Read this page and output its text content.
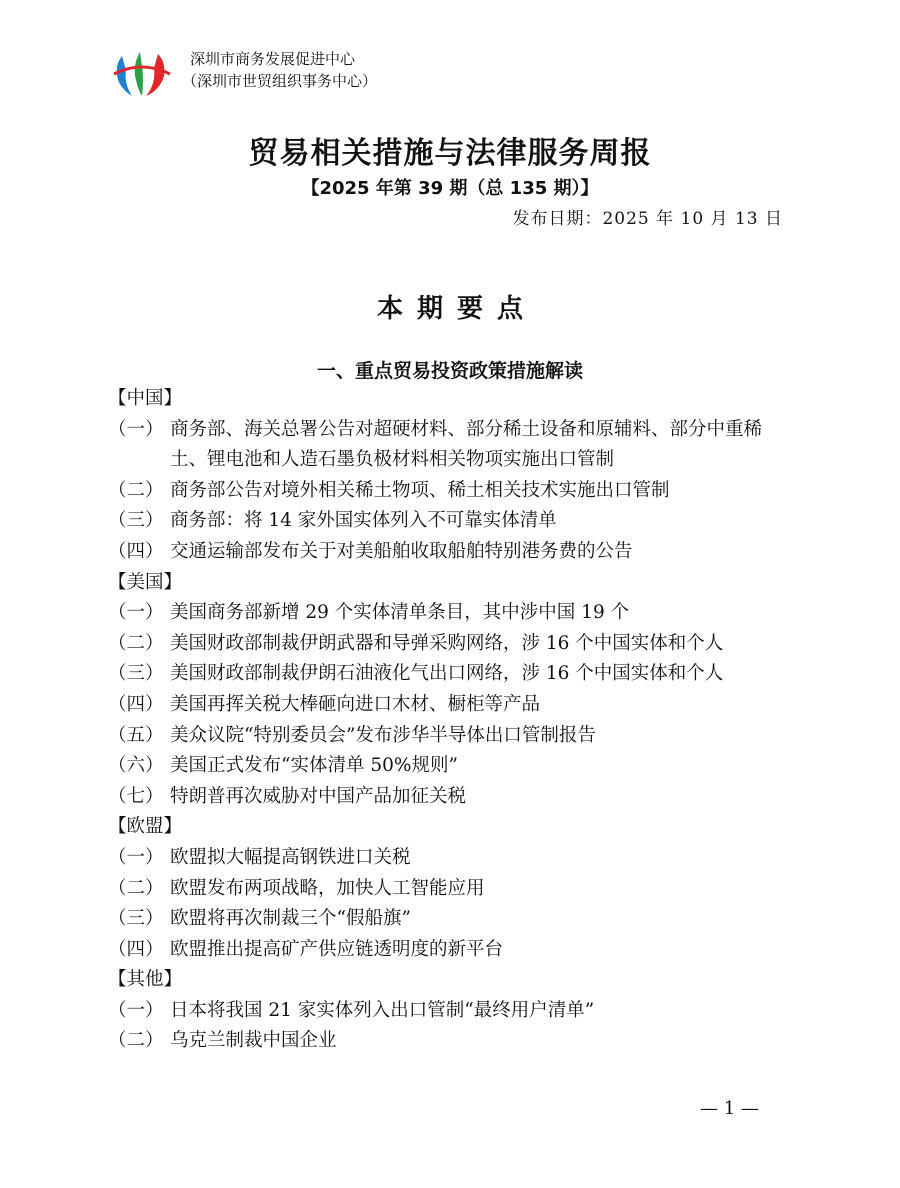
深圳市商务发展促进中心
（深圳市世贸组织事务中心）
贸易相关措施与法律服务周报
【2025 年第 39 期（总 135 期）】
发布日期：2025 年 10 月 13 日
本期要点
一、重点贸易投资政策措施解读
【中国】
（一） 商务部、海关总署公告对超硬材料、部分稀土设备和原辅料、部分中重稀土、锂电池和人造石墨负极材料相关物项实施出口管制
（二） 商务部公告对境外相关稀土物项、稀土相关技术实施出口管制
（三） 商务部：将 14 家外国实体列入不可靠实体清单
（四） 交通运输部发布关于对美船舶收取船舶特别港务费的公告
【美国】
（一） 美国商务部新增 29 个实体清单条目，其中涉中国 19 个
（二） 美国财政部制裁伊朗武器和导弹采购网络，涉 16 个中国实体和个人
（三） 美国财政部制裁伊朗石油液化气出口网络，涉 16 个中国实体和个人
（四） 美国再挥关税大棒砸向进口木材、橱柜等产品
（五） 美众议院“特别委员会”发布涉华半导体出口管制报告
（六） 美国正式发布“实体清单 50%规则”
（七） 特朗普再次威胁对中国产品加征关税
【欧盟】
（一） 欧盟拟大幅提高钢铁进口关税
（二） 欧盟发布两项战略，加快人工智能应用
（三） 欧盟将再次制裁三个“假船旗”
（四） 欧盟推出提高矿产供应链透明度的新平台
【其他】
（一） 日本将我国 21 家实体列入出口管制“最终用户清单”
（二） 乌克兰制裁中国企业
— 1 —
